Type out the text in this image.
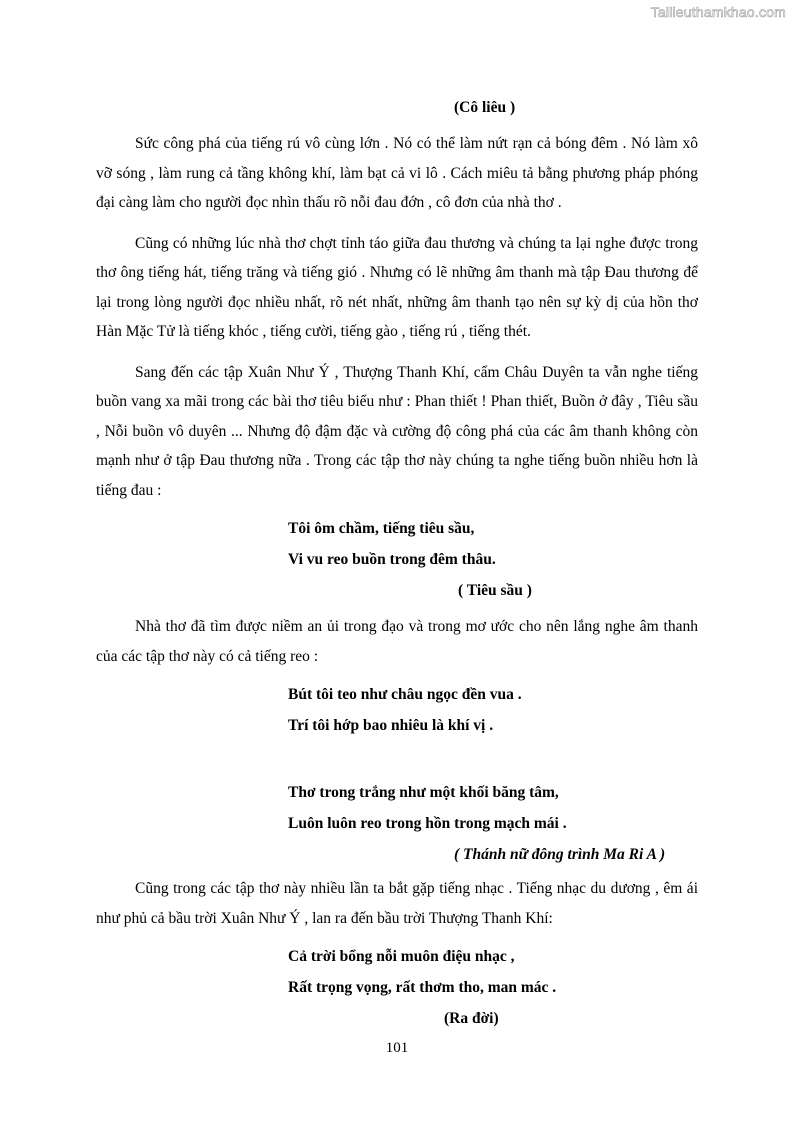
Tailieuthamkhao.com
(Cô liêu )

Sức công phá của tiếng rú vô cùng lớn . Nó có thể làm nứt rạn cả bóng đêm . Nó làm xô vỡ sóng , làm rung cả tầng không khí, làm bạt cả vi lô . Cách miêu tả bằng phương pháp phóng đại càng làm cho người đọc nhìn thấu rõ nỗi đau đớn , cô đơn của nhà thơ .

Cũng có những lúc nhà thơ chợt tỉnh táo giữa đau thương và chúng ta lại nghe được trong thơ ông tiếng hát, tiếng trăng và tiếng gió . Nhưng có lẽ những âm thanh mà tập Đau thương để lại trong lòng người đọc nhiều nhất, rõ nét nhất, những âm thanh tạo nên sự kỳ dị của hồn thơ Hàn Mặc Tử là tiếng khóc , tiếng cười, tiếng gào , tiếng rú , tiếng thét.

Sang đến các tập Xuân Như Ý , Thượng Thanh Khí, cẩm Châu Duyên ta vẫn nghe tiếng buồn vang xa mãi trong các bài thơ tiêu biểu như : Phan thiết ! Phan thiết, Buồn ở đây , Tiêu sầu , Nỗi buồn vô duyên ... Nhưng độ đậm đặc và cường độ công phá của các âm thanh không còn mạnh như ở tập Đau thương nữa . Trong các tập thơ này chúng ta nghe tiếng buồn nhiều hơn là tiếng đau :

Tôi ôm chầm, tiếng tiêu sầu,
Vi vu reo buồn trong đêm thâu.
( Tiêu sầu )

Nhà thơ đã tìm được niềm an ủi trong đạo và trong mơ ước cho nên lắng nghe âm thanh của các tập thơ này có cả tiếng reo :

Bút tôi teo như châu ngọc đền vua .
Trí tôi hớp bao nhiêu là khí vị .
Thơ trong trắng như một khối băng tâm,
Luôn luôn reo trong hồn trong mạch mái .
( Thánh nữ đông trình Ma Ri A )

Cũng trong các tập thơ này nhiều lần ta bắt gặp tiếng nhạc . Tiếng nhạc du dương , êm ái như phủ cả bầu trời Xuân Như Ý , lan ra đến bầu trời Thượng Thanh Khí:

Cả trời bổng nỗi muôn điệu nhạc ,
Rất trọng vọng, rất thơm tho, man mác .
(Ra đời)
101
